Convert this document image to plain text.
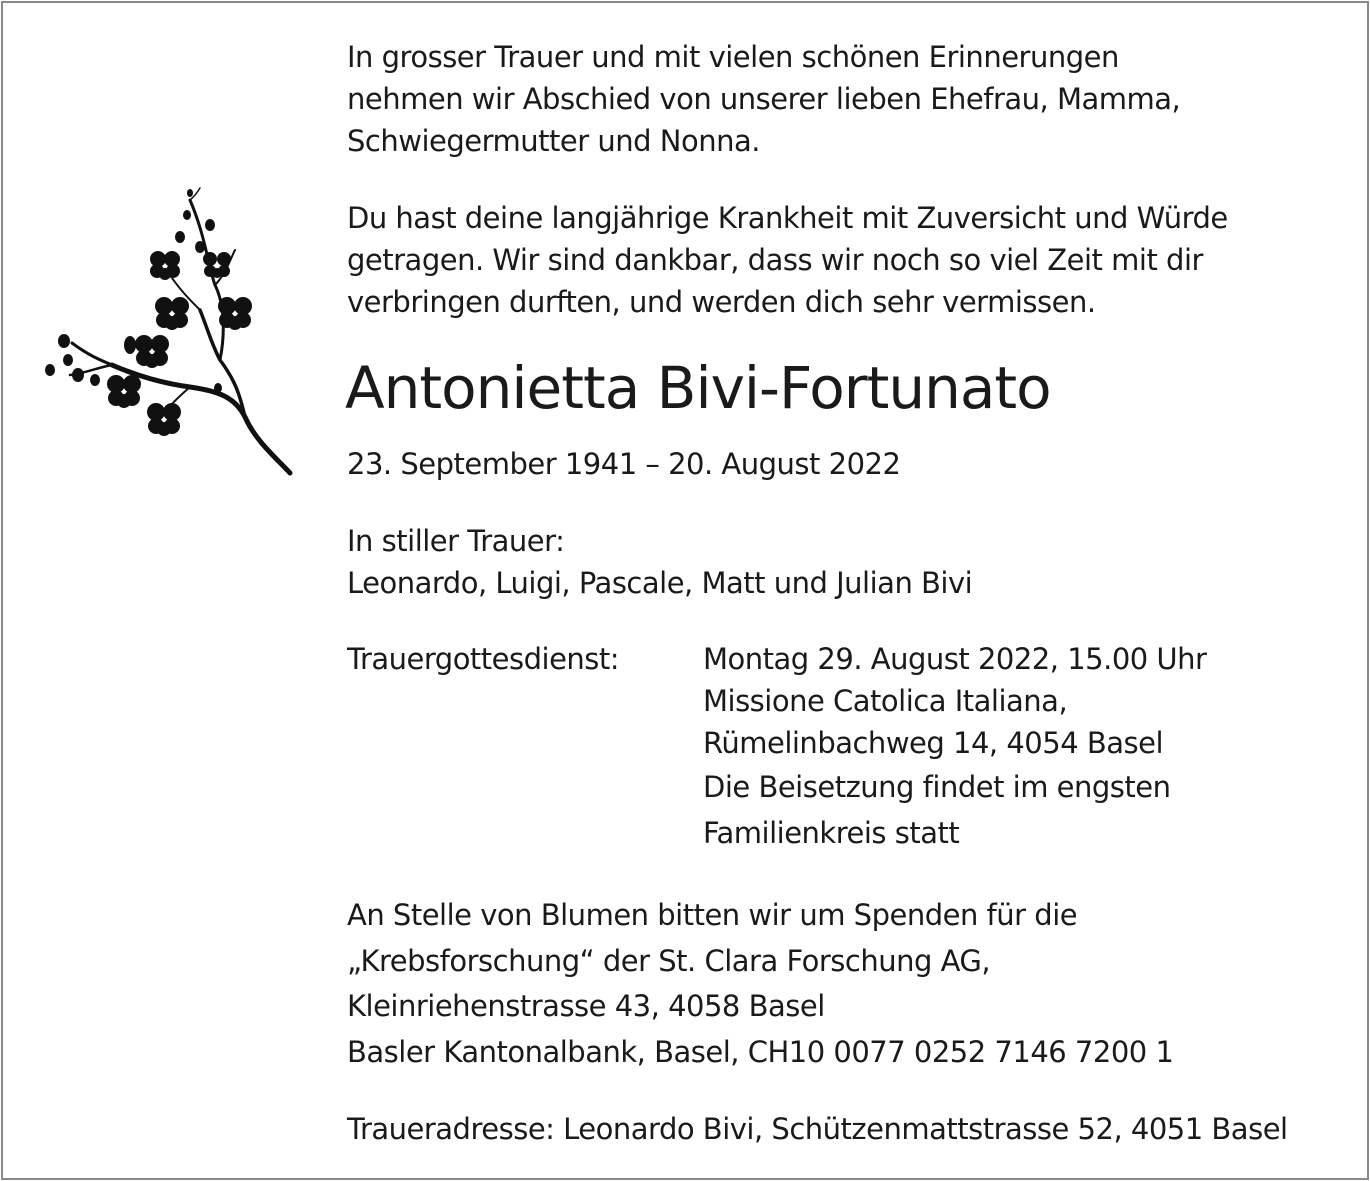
In grosser Trauer und mit vielen schönen Erinnerungen

nehmen wir Abschied von unserer lieben Ehefrau, Mamma,

Schwiegermutter und Nonna.

Du hast deine langjährige Krankheit mit Zuversicht und Würde

getragen. Wir sind dankbar, dass wir noch so viel Zeit mit dir

verbringen durften, und werden dich sehr vermissen.

Antonietta Bivi-Fortunato

23. September 1941 – 20. August 2022

In stiller Trauer:

Leonardo, Luigi, Pascale, Matt und Julian Bivi

Trauergottesdienst:	Montag 29. August 2022, 15.00 Uhr

Missione Catolica Italiana,

Rümelinbachweg 14, 4054 Basel

Die Beisetzung findet im engsten

Familienkreis statt

An Stelle von Blumen bitten wir um Spenden für die

„Krebsforschung“ der St. Clara Forschung AG,

Kleinriehenstrasse 43, 4058 Basel

Basler Kantonalbank, Basel, CH10 0077 0252 7146 7200 1

Traueradresse: Leonardo Bivi, Schützenmattstrasse 52, 4051 Basel
